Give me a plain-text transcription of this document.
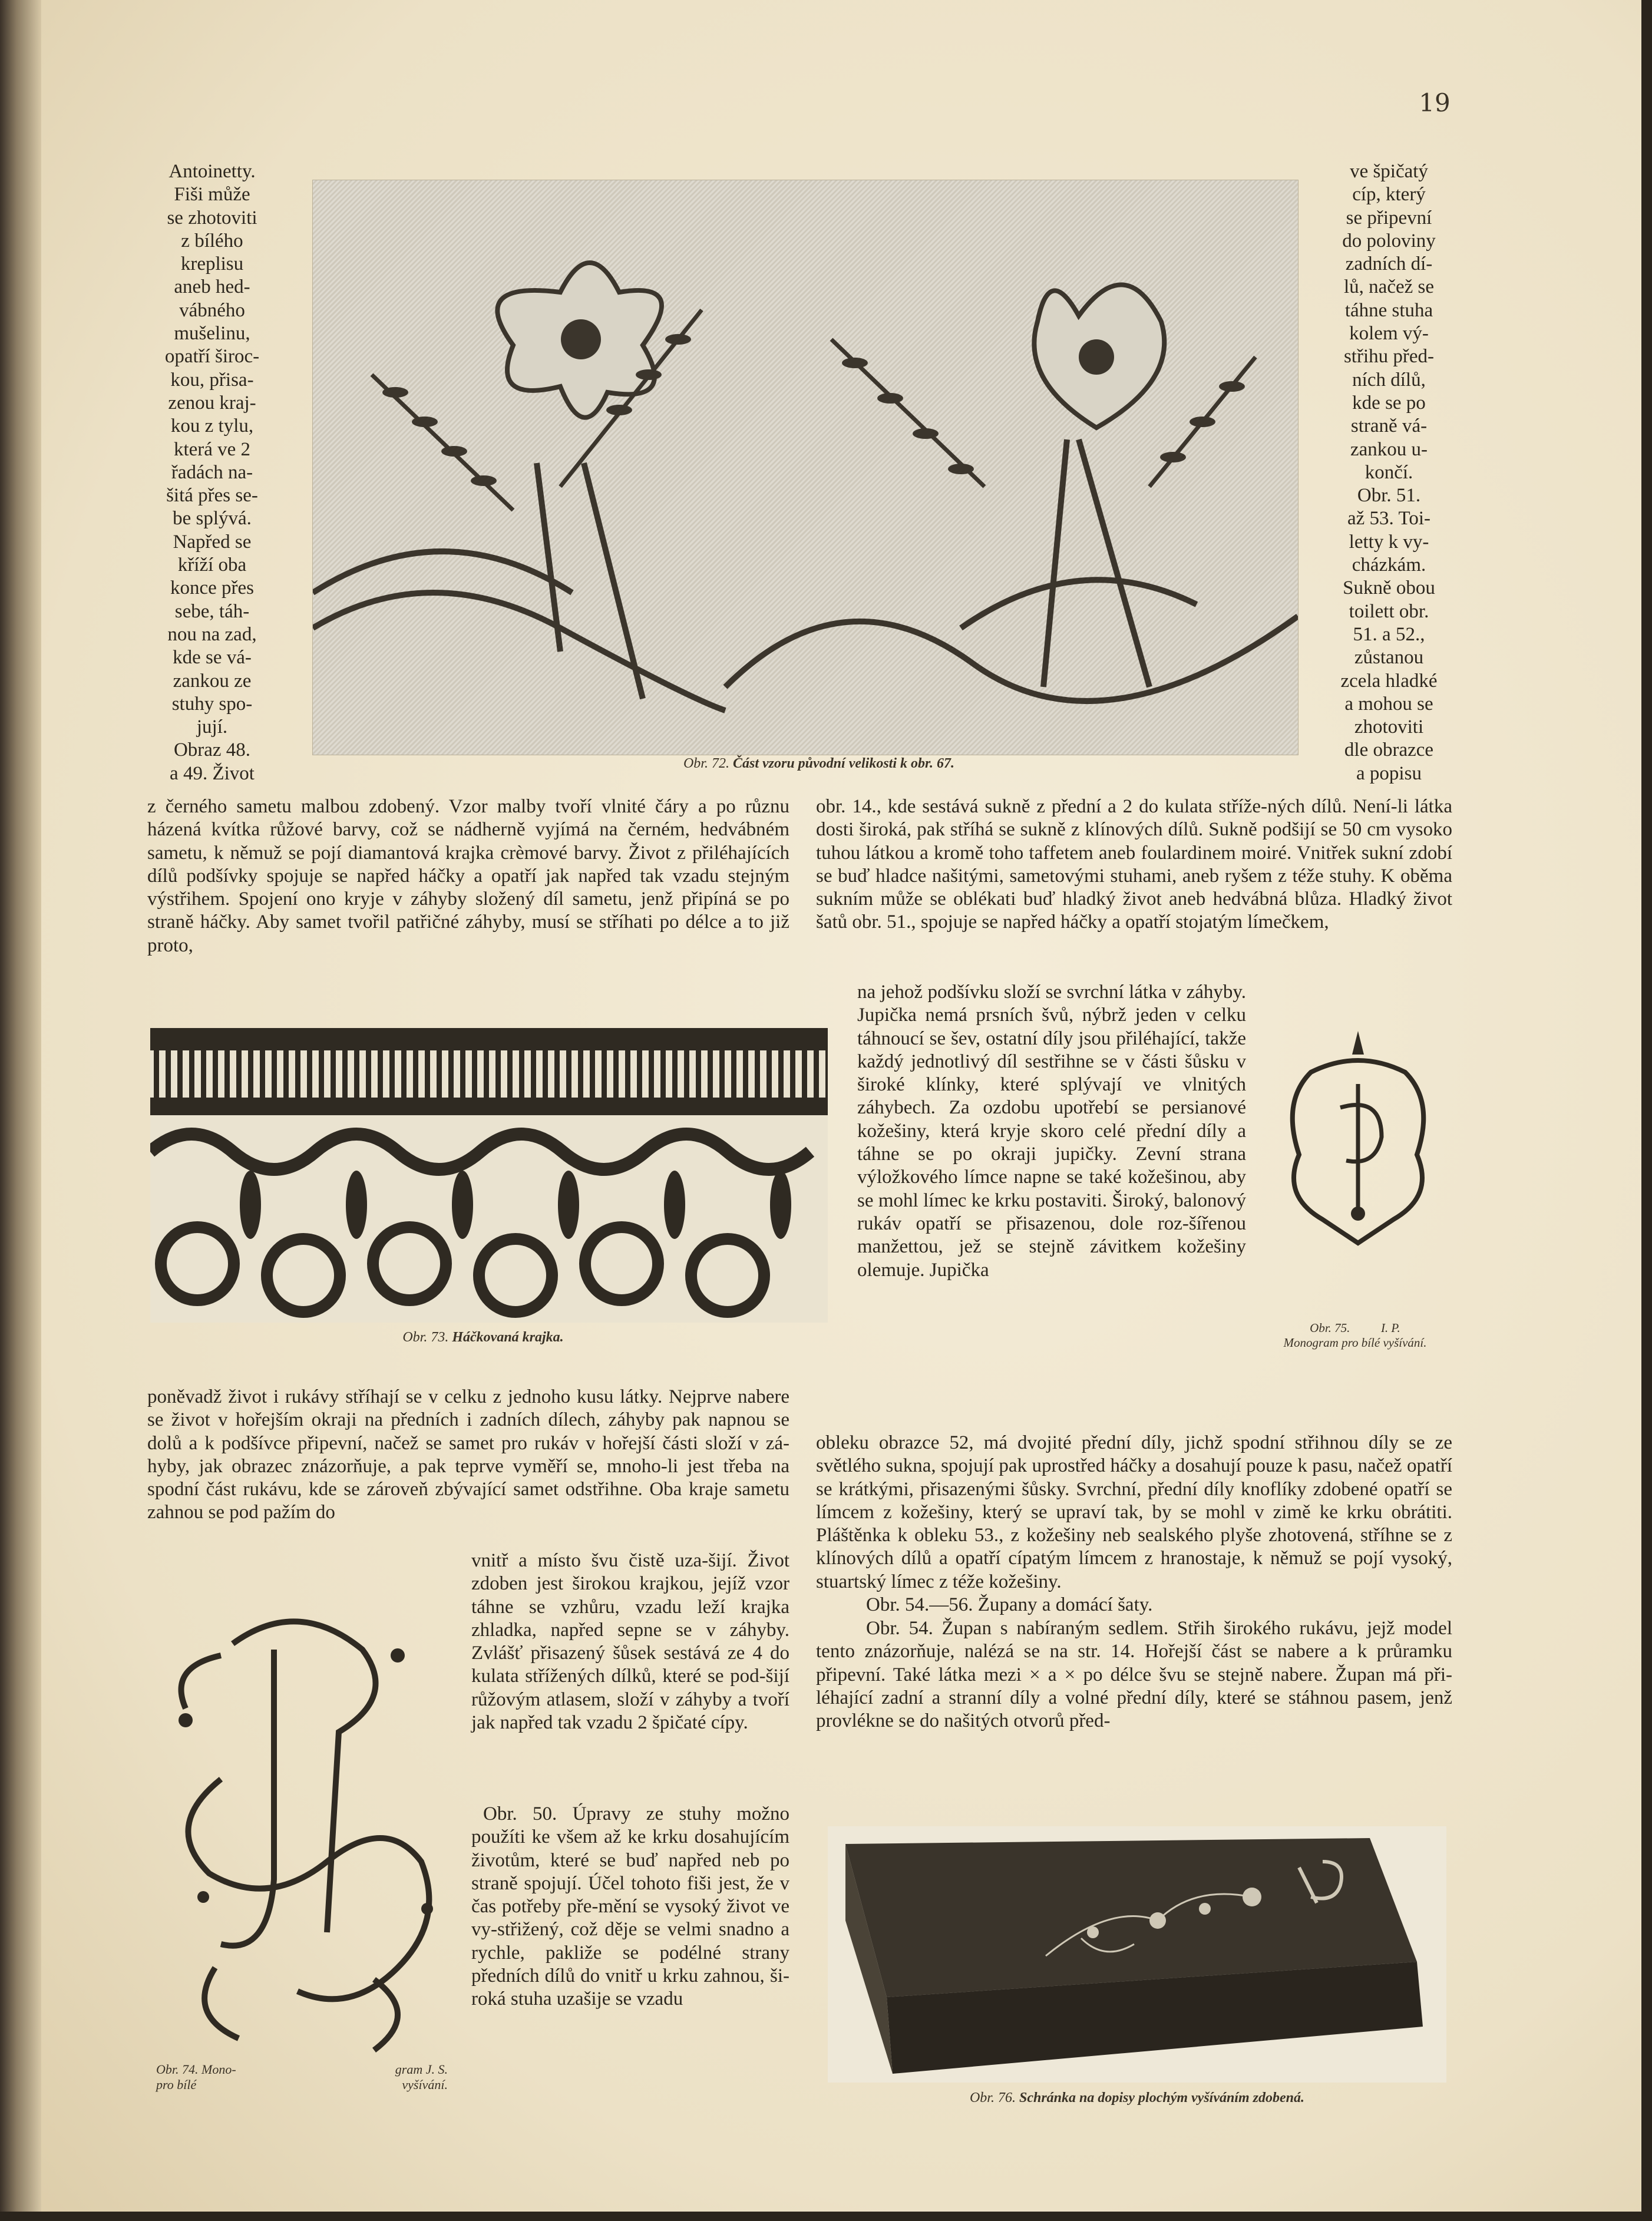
19
Antoinetty.
Fiši může
se zhotoviti
z bílého
kreplisu
aneb hed-
vábného
mušelinu,
opatří široc-
kou, přisa-
zenou kraj-
kou z tylu,
která ve 2
řadách na-
šitá přes se-
be splývá.
Napřed se
kříží oba
konce přes
sebe, táh-
nou na zad,
kde se vá-
zankou ze
stuhy spo-
jují.
Obraz 48.
a 49. Život	Obr. 72. Část vzoru původní velikosti k obr. 67.
ve špičatý
cíp, který
se připevní
do poloviny
zadních dí-
lů, načež se
táhne stuha
kolem vý-
střihu před-
ních dílů,
kde se po
straně vá-
zankou u-
končí.
Obr. 51.
až 53. Toi-
letty k vy-
cházkám.
Sukně obou
toilett obr.
51. a 52.,
zůstanou
zcela hladké
a mohou se
zhotoviti
dle obrazce
a popisu

z černého sametu malbou zdobený. Vzor malby tvoří vlnité čáry a po různu házená kvítka růžové barvy, což se nádherně vyjímá na černém, hedvábném sametu, k němuž se pojí diamantová krajka crèmové barvy. Život z přiléhajících dílů podšívky spojuje se napřed háčky a opatří jak napřed tak vzadu stejným výstřihem. Spojení ono kryje v záhyby složený díl sametu, jenž připíná se po straně háčky. Aby samet tvořil patřičné záhyby, musí se stříhati po délce a to již proto,

Obr. 73. Háčkovaná krajka.

poněvadž život i rukávy stříhají se v celku z jednoho kusu látky. Nejprve nabere se život v hořejším okraji na předních i zadních dílech, záhyby pak napnou se dolů a k podšívce připevní, načež se samet pro rukáv v hořejší části složí v zá-hyby, jak obrazec znázorňuje, a pak teprve vyměří se, mnoho-li jest třeba na spodní část rukávu, kde se zároveň zbývající samet odstřihne. Oba kraje sametu zahnou se pod pažím do

Obr. 74. Mono-
pro bílé
gram J. S.
vyšívání.

vnitř a místo švu čistě uza-šijí. Život zdoben jest širokou krajkou, jejíž vzor táhne se vzhůru, vzadu leží krajka zhladka, napřed sepne se v záhyby. Zvlášť přisazený šůsek sestává ze 4 do kulata střížených dílků, které se pod-šijí růžovým atlasem, složí v záhyby a tvoří jak napřed tak vzadu 2 špičaté cípy.

Obr. 50. Úpravy ze stuhy možno použíti ke všem až ke krku dosahujícím životům, které se buď napřed neb po straně spojují. Účel tohoto fiši jest, že v čas potřeby pře-mění se vysoký život ve vy-střižený, což děje se velmi snadno a rychle, pakliže se podélné strany předních dílů do vnitř u krku zahnou, ši-roká stuha uzašije se vzadu

obr. 14., kde sestává sukně z přední a 2 do kulata stříže-ných dílů. Není-li látka dosti široká, pak stříhá se sukně z klínových dílů. Sukně podšijí se 50 cm vysoko tuhou látkou a kromě toho taffetem aneb foulardinem moiré. Vnitřek sukní zdobí se buď hladce našitými, sametovými stuhami, aneb ryšem z téže stuhy. K oběma sukním může se oblékati buď hladký život aneb hedvábná blůza. Hladký život šatů obr. 51., spojuje se napřed háčky a opatří stojatým límečkem,

na jehož podšívku složí se svrchní látka v záhyby. Jupička nemá prsních švů, nýbrž jeden v celku táhnoucí se šev, ostatní díly jsou přiléhající, takže každý jednotlivý díl sestřihne se v části šůsku v široké klínky, které splývají ve vlnitých záhybech. Za ozdobu upotřebí se persianové kožešiny, která kryje skoro celé přední díly a táhne se po okraji jupičky. Zevní strana výložkového límce napne se také kožešinou, aby se mohl límec ke krku postaviti. Široký, balonový rukáv opatří se přisazenou, dole roz-šířenou manžettou, jež se stejně závitkem kožešiny olemuje. Jupička

Obr. 75.	I. P.
Monogram pro bílé vyšívání.

obleku obrazce 52, má dvojité přední díly, jichž spodní střihnou díly se ze světlého sukna, spojují pak uprostřed háčky a dosahují pouze k pasu, načež opatří se krátkými, přisazenými šůsky. Svrchní, přední díly knoflíky zdobené opatří se límcem z kožešiny, který se upraví tak, by se mohl v zimě ke krku obrátiti. Pláštěnka k obleku 53., z kožešiny neb sealského plyše zhotovená, stříhne se z klínových dílů a opatří cípatým límcem z hranostaje, k němuž se pojí vysoký, stuartský límec z téže kožešiny.

Obr. 54.—56. Župany a domácí šaty.

Obr. 54. Župan s nabíraným sedlem. Střih širokého rukávu, jejž model tento znázorňuje, nalézá se na str. 14. Hořejší část se nabere a k průramku připevní. Také látka mezi × a × po délce švu se stejně nabere. Župan má při-léhající zadní a stranní díly a volné přední díly, které se stáhnou pasem, jenž provlékne se do našitých otvorů před-

Obr. 76. Schránka na dopisy plochým vyšíváním zdobená.
